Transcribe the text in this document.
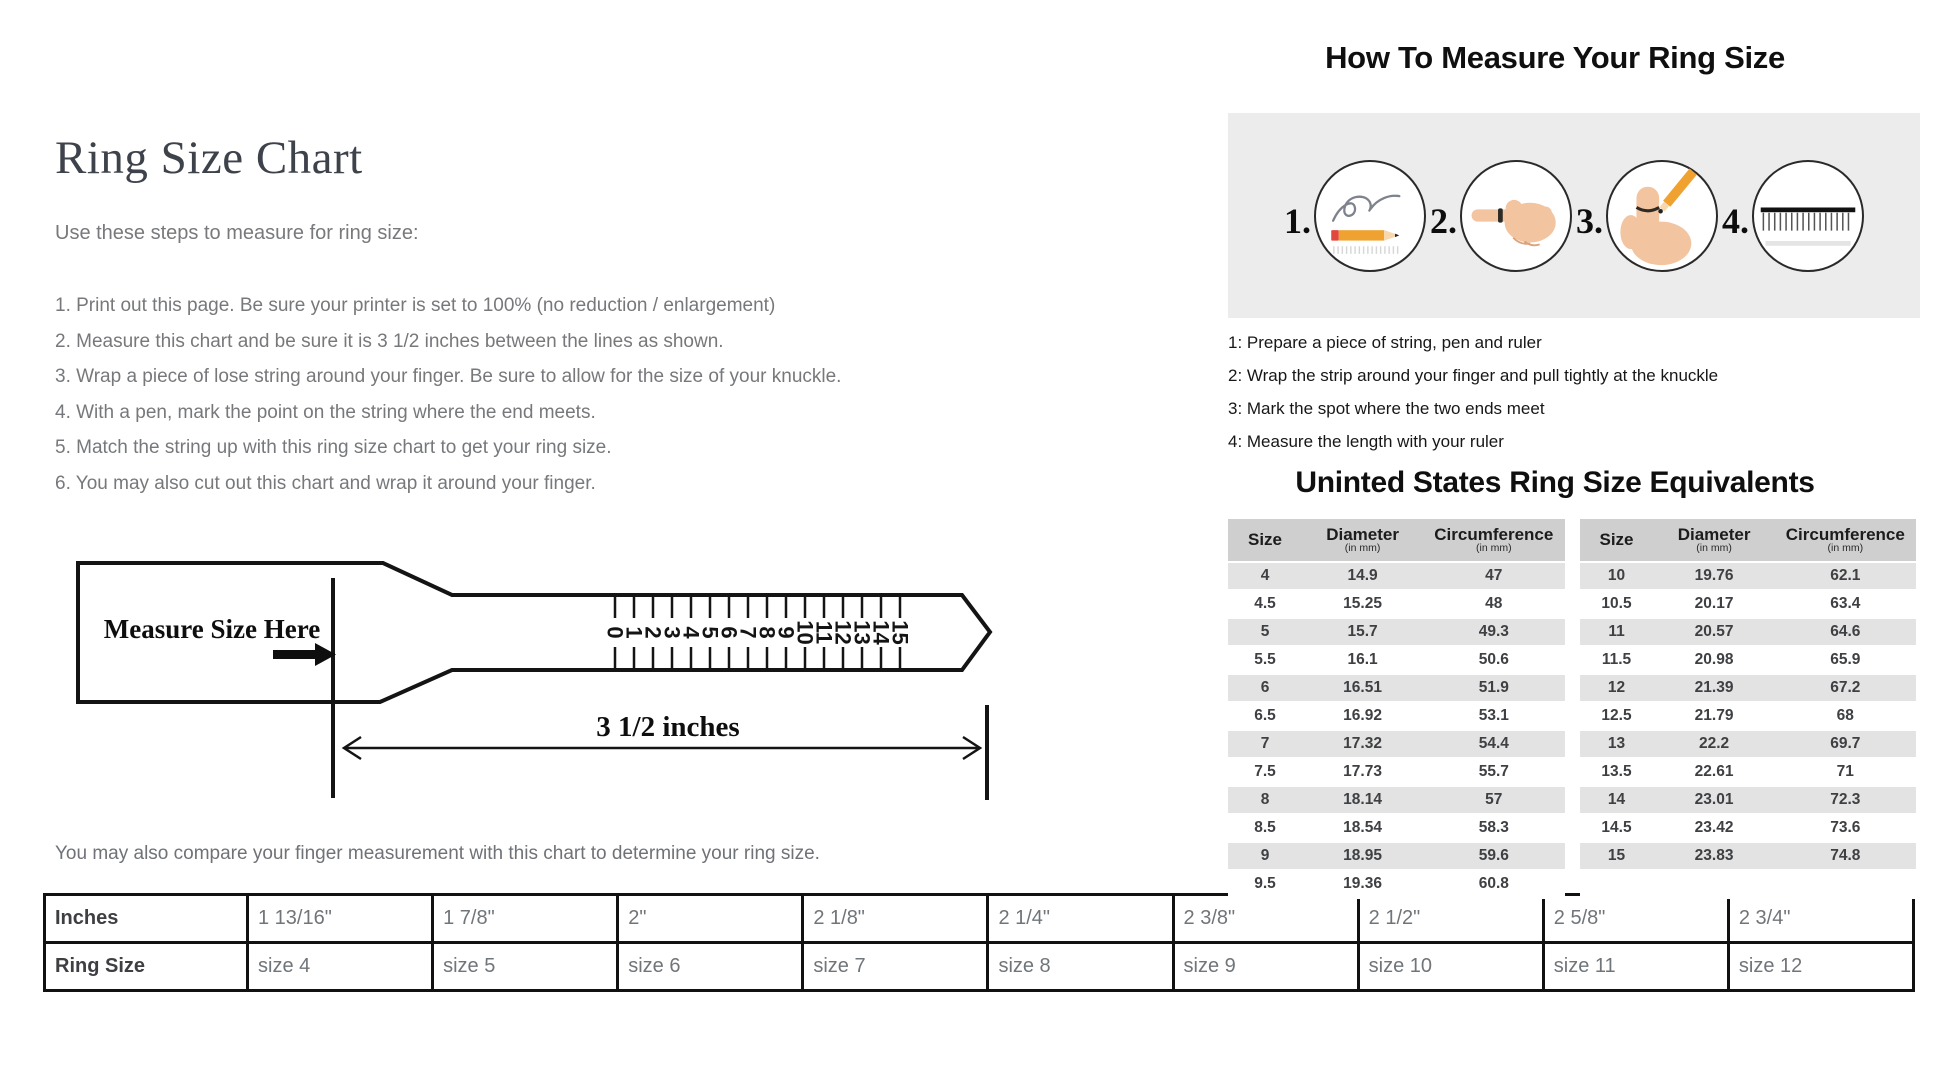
Ring Size Chart
Use these steps to measure for ring size:
1. Print out this page. Be sure your printer is set to 100% (no reduction / enlargement)
2. Measure this chart and be sure it is 3 1/2 inches between the lines as shown.
3. Wrap a piece of lose string around your finger. Be sure to allow for the size of your knuckle.
4. With a pen, mark the point on the string where the end meets.
5. Match the string up with this ring size chart to get your ring size.
6. You may also cut out this chart and wrap it around your finger.
Measure Size Here	0
1
2
3
4
5
6
7
8
9
10
11
12
13
14
15
3 1/2 inches
You may also compare your finger measurement with this chart to determine your ring size.
Inches	1 13/16"	1 7/8"	2"	2 1/8"	2 1/4"	2 3/8"	2 1/2"	2 5/8"	2 3/4"
Ring Size	size 4	size 5	size 6	size 7	size 8	size 9	size 10	size 11	size 12
How To Measure Your Ring Size
1.	2.	3.	4.
1: Prepare a piece of string, pen and ruler
2: Wrap the strip around your finger and pull tightly at the knuckle
3: Mark the spot where the two ends meet
4: Measure the length with your ruler
Uninted States Ring Size Equivalents
Size	Diameter
(in mm)
Circumference
(in mm)
4	14.9	47
4.5	15.25	48
5	15.7	49.3
5.5	16.1	50.6
6	16.51	51.9
6.5	16.92	53.1
7	17.32	54.4
7.5	17.73	55.7
8	18.14	57
8.5	18.54	58.3
9	18.95	59.6
9.5	19.36	60.8
Size	Diameter
(in mm)
Circumference
(in mm)
10	19.76	62.1
10.5	20.17	63.4
11	20.57	64.6
11.5	20.98	65.9
12	21.39	67.2
12.5	21.79	68
13	22.2	69.7
13.5	22.61	71
14	23.01	72.3
14.5	23.42	73.6
15	23.83	74.8
